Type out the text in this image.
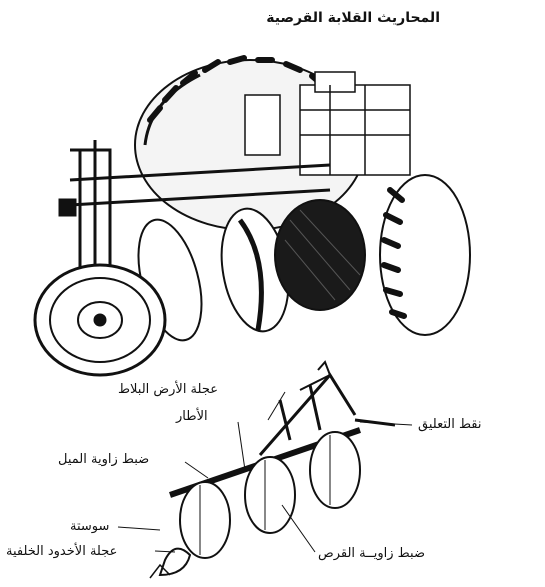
المحاريث القلابة القرصية
عجلة الأرض البلاط
الأطار
نقط التعليق
ضبط زاوية الميل
سوستة
عجلة الأخدود الخلفية	ضبط زاويــة القرص
